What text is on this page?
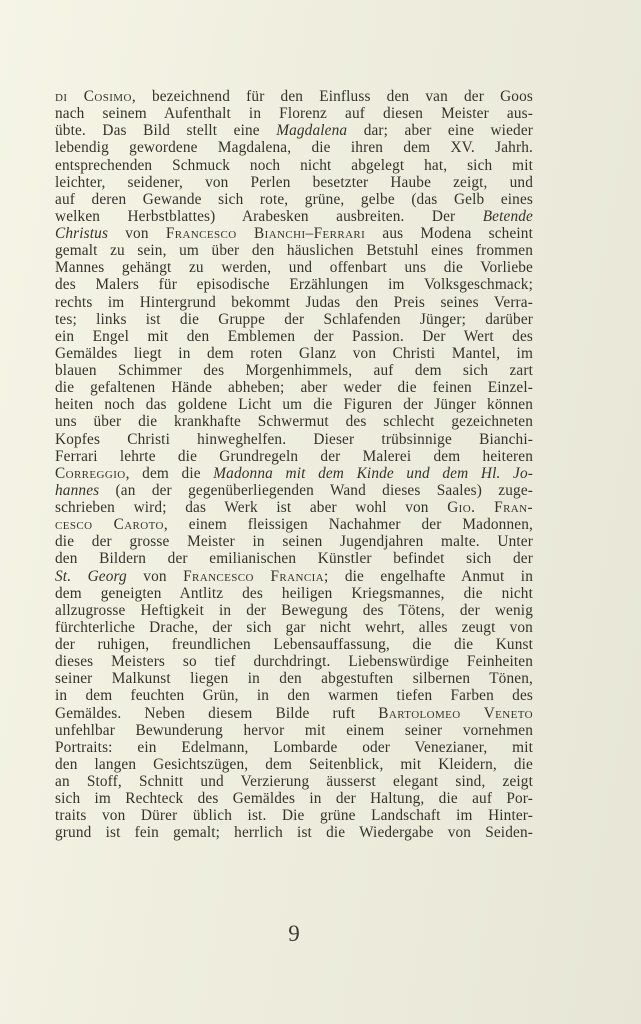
di Cosimo, bezeichnend für den Einfluss den van der Goos
nach seinem Aufenthalt in Florenz auf diesen Meister aus-
übte. Das Bild stellt eine Magdalena dar; aber eine wieder
lebendig gewordene Magdalena, die ihren dem XV. Jahrh.
entsprechenden Schmuck noch nicht abgelegt hat, sich mit
leichter, seidener, von Perlen besetzter Haube zeigt, und
auf deren Gewande sich rote, grüne, gelbe (das Gelb eines
welken Herbstblattes) Arabesken ausbreiten. Der Betende
Christus von Francesco Bianchi–Ferrari aus Modena scheint
gemalt zu sein, um über den häuslichen Betstuhl eines frommen
Mannes gehängt zu werden, und offenbart uns die Vorliebe
des Malers für episodische Erzählungen im Volksgeschmack;
rechts im Hintergrund bekommt Judas den Preis seines Verra-
tes; links ist die Gruppe der Schlafenden Jünger; darüber
ein Engel mit den Emblemen der Passion. Der Wert des
Gemäldes liegt in dem roten Glanz von Christi Mantel, im
blauen Schimmer des Morgenhimmels, auf dem sich zart
die gefaltenen Hände abheben; aber weder die feinen Einzel-
heiten noch das goldene Licht um die Figuren der Jünger können
uns über die krankhafte Schwermut des schlecht gezeichneten
Kopfes Christi hinweghelfen. Dieser trübsinnige Bianchi-
Ferrari lehrte die Grundregeln der Malerei dem heiteren
Correggio, dem die Madonna mit dem Kinde und dem Hl. Jo-
hannes (an der gegenüberliegenden Wand dieses Saales) zuge-
schrieben wird; das Werk ist aber wohl von Gio. Fran-
cesco Caroto, einem fleissigen Nachahmer der Madonnen,
die der grosse Meister in seinen Jugendjahren malte. Unter
den Bildern der emilianischen Künstler befindet sich der
St. Georg von Francesco Francia; die engelhafte Anmut in
dem geneigten Antlitz des heiligen Kriegsmannes, die nicht
allzugrosse Heftigkeit in der Bewegung des Tötens, der wenig
fürchterliche Drache, der sich gar nicht wehrt, alles zeugt von
der ruhigen, freundlichen Lebensauffassung, die die Kunst
dieses Meisters so tief durchdringt. Liebenswürdige Feinheiten
seiner Malkunst liegen in den abgestuften silbernen Tönen,
in dem feuchten Grün, in den warmen tiefen Farben des
Gemäldes. Neben diesem Bilde ruft Bartolomeo Veneto
unfehlbar Bewunderung hervor mit einem seiner vornehmen
Portraits: ein Edelmann, Lombarde oder Venezianer, mit
den langen Gesichtszügen, dem Seitenblick, mit Kleidern, die
an Stoff, Schnitt und Verzierung äusserst elegant sind, zeigt
sich im Rechteck des Gemäldes in der Haltung, die auf Por-
traits von Dürer üblich ist. Die grüne Landschaft im Hinter-
grund ist fein gemalt; herrlich ist die Wiedergabe von Seiden-
9
